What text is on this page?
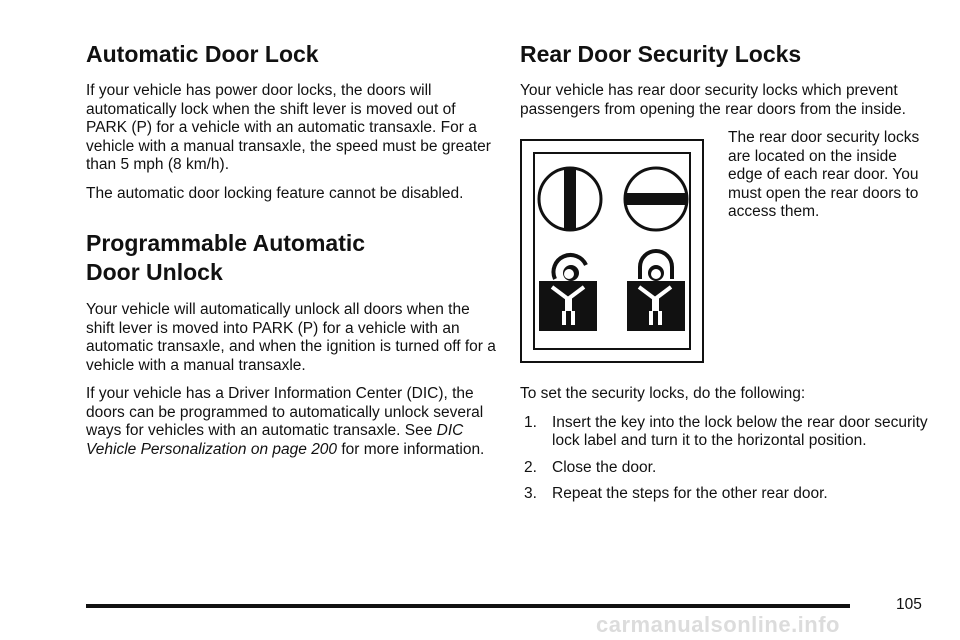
Automatic Door Lock

If your vehicle has power door locks, the doors will automatically lock when the shift lever is moved out of PARK (P) for a vehicle with an automatic transaxle. For a vehicle with a manual transaxle, the speed must be greater than 5 mph (8 km/h).

The automatic door locking feature cannot be disabled.

Programmable Automatic
Door Unlock

Your vehicle will automatically unlock all doors when the shift lever is moved into PARK (P) for a vehicle with an automatic transaxle, and when the ignition is turned off for a vehicle with a manual transaxle.

If your vehicle has a Driver Information Center (DIC), the doors can be programmed to automatically unlock several ways for vehicles with an automatic transaxle. See DIC Vehicle Personalization on page 200 for more information.

Rear Door Security Locks

Your vehicle has rear door security locks which prevent passengers from opening the rear doors from the inside.

The rear door security locks are located on the inside edge of each rear door. You must open the rear doors to access them.

To set the security locks, do the following:

1. Insert the key into the lock below the rear door security lock label and turn it to the horizontal position.
2. Close the door.
3. Repeat the steps for the other rear door.
105
carmanualsonline.info
